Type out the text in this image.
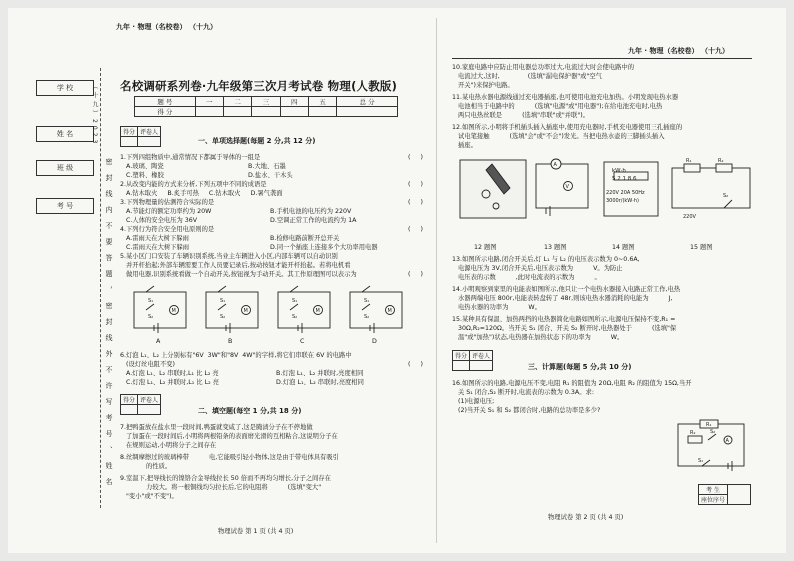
学 校
姓 名
班 级
考 号
（十九）2023
密封线内不要答题，密封线外不许写考号、姓名
九年 · 物理（名校卷） （十九）
名校调研系列卷·九年级第三次月考试卷 物理(人教版)
题 号	一	二	三	四	五	总 分
得 分						
得分	评卷人

一、单项选择题(每题 2 分,共 12 分)
1.下列四组物质中,通常情况下都属于导体的一组是	(     )
A.玻璃、陶瓷	B.大地、石墨
C.塑料、橡胶	D.盐水、干木头
2.从改变内能的方式来分析,下列五项中不同的成语是	(     )
A.钻木取火     B.炙手可热     C.钻木取火     D.暑气袭面
3.下列物理量的估测符合实际的是	(     )
A.节能灯的额定功率约为 20W	B.手机电池的电压约为 220V
C.人体的安全电压为 36V	D.空调正常工作的电流约为 1A
4.下列行为符合安全用电原则的是	(     )
A.雷雨天在大树下躲雨	B.检修电路前断开总开关
C.雷雨天在大树下躲雨	D.同一个插座上连接多个大功率用电器
5.某小区门口安装了车辆识别系统,当业主车辆进入小区,内部车辆可以自动识别
并开杆抬起;外部车辆需要工作人员要记录后,按动按钮才能开杆抬起。若将电机看
做用电器,识别系统看做一个自动开关,按钮视为手动开关。其工作原理图可以表示为	(     )
M	M	M	M
S₁	S₁	S₁	S₁
S₂	S₂	S₂	S₂
A	B	C	D
6.灯泡 L₁、L₂ 上分别标有"6V  3W"和"8V  4W"的字样,将它们串联在 6V 的电路中
(设灯丝电阻不变)	(     )
A.灯泡 L₁、L₂ 串联时,L₁ 比 L₂ 亮	B.灯泡 L₁、L₂ 并联时,亮度相同
C.灯泡 L₁、L₂ 并联时,L₁ 比 L₂ 亮	D.灯泡 L₁、L₂ 串联时,亮度相同
得分	评卷人

二、填空题(每空 1 分,共 18 分)
7.把鸭蛋放在盐水里一段时间,鸭蛋就变咸了,这是腌渍分子在不停地做
了加蛋在一段时间后,小明将两根铅条的表面磨光滑的互相粘合,这说明分子在
在规则运动,小明将分子之间存在
8.丝绸摩擦过的玻璃棒带          电,它能吸引轻小物体,这是由于带电体具有吸引
的性质。
9.室温下,把导线长的镍铬合金导线拉长 50 倍而不再均匀增长,分子之间存在
力较大。将一根铜线均匀拉长后,它的电阻将          (选填"变大"
"变小"或"不变")。
物理试卷 第 1 页 (共 4 页)
九年 · 物理（名校卷） （十九）
10.家庭电路中应防止用电器总功率过大,电流过大时会使电路中的
电流过大,这时,              (选填"漏电保护器"或"空气
开关")来保护电路。
11.某电热水器电源线通过充电器插座,也可使用电池充电加热。小明发现电热水器
电池相当于电路中的          (选填"电源"或"用电器");在给电池充电时,电热
两只电热丝联是          (选填"串联"或"并联")。
12.如图所示,小明将手机插头插入插座中,使用充电器时,手机充电器使用三孔插座的
试电笔接触          (选填"会"或"不会")发光。当把电热水壶的三脚插头插入
插座。
A
V
220V
S₂
R₁	R₂
kW·h
5 2 1 8 6
220V 20A 50Hz
3000r/(kW·h)
12 题图	13 题图	14 题图	15 题图
13.如图所示电路,闭合开关后,灯 L₁ 与 L₂ 的电压表示数为 0~0.6A,
电源电压为 3V,闭合开关后,电压表示数为          V。为防止
电压表的示数          ,此时电流表的示数为          。
14.小明观察到家里的电能表如图所示,他只让一个电热水器接入电路正常工作,电热
水器两端电压 800r,电能表转盘转了 48r,则该电热水器消耗的电能为          J,
电热水器的功率为          W。
15.某种具有保温、加热两挡的电热器简化电路如图所示,电源电压保持不变,R₁ =
30Ω,R₂=120Ω。当开关 S₁ 闭合、开关 S₂ 断开时,电热器处于          (选填"保
温"或"加热")状态,电热器在加热状态下的功率为          W。
得分	评卷人

三、计算题(每题 5 分,共 10 分)
16.如图所示的电路,电源电压不变,电阻 R₁ 的阻值为 20Ω,电阻 R₂ 的阻值为 15Ω,当开
关 S₁ 闭合,S₂ 断开时,电流表的示数为 0.3A。求:
(1)电源电压;
(2)当开关 S₁ 和 S₂ 都闭合时,电路的总功率是多少?
A
R₁
R₂	S₂
S₁
考 生	
座位序号
物理试卷 第 2 页 (共 4 页)
